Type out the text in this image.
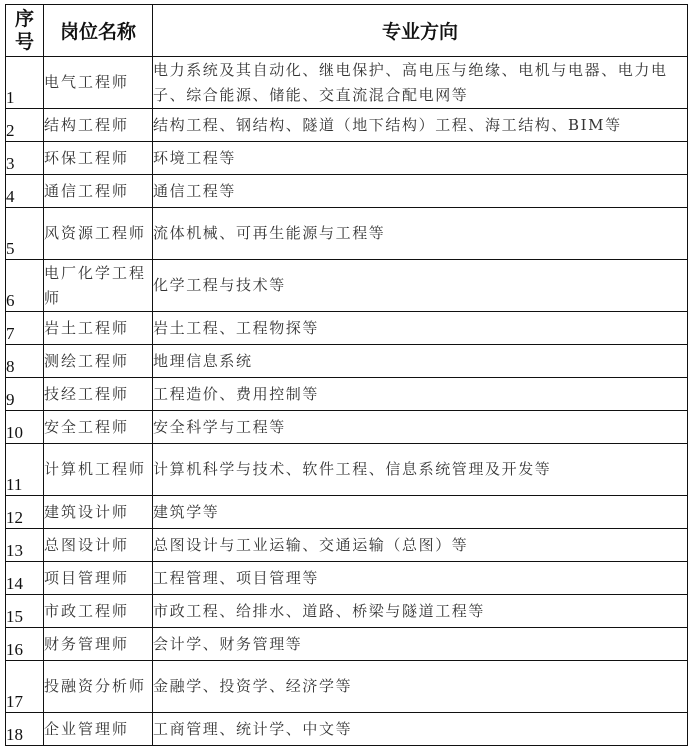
序号	岗位名称	专业方向
1	电气工程师	电力系统及其自动化、继电保护、高电压与绝缘、电机与电器、电力电子、综合能源、储能、交直流混合配电网等
2	结构工程师	结构工程、钢结构、隧道（地下结构）工程、海工结构、BIM等
3	环保工程师	环境工程等
4	通信工程师	通信工程等
5	风资源工程师	流体机械、可再生能源与工程等
6	电厂化学工程师	化学工程与技术等
7	岩土工程师	岩土工程、工程物探等
8	测绘工程师	地理信息系统
9	技经工程师	工程造价、费用控制等
10	安全工程师	安全科学与工程等
11	计算机工程师	计算机科学与技术、软件工程、信息系统管理及开发等
12	建筑设计师	建筑学等
13	总图设计师	总图设计与工业运输、交通运输（总图）等
14	项目管理师	工程管理、项目管理等
15	市政工程师	市政工程、给排水、道路、桥梁与隧道工程等
16	财务管理师	会计学、财务管理等
17	投融资分析师	金融学、投资学、经济学等
18	企业管理师	工商管理、统计学、中文等
